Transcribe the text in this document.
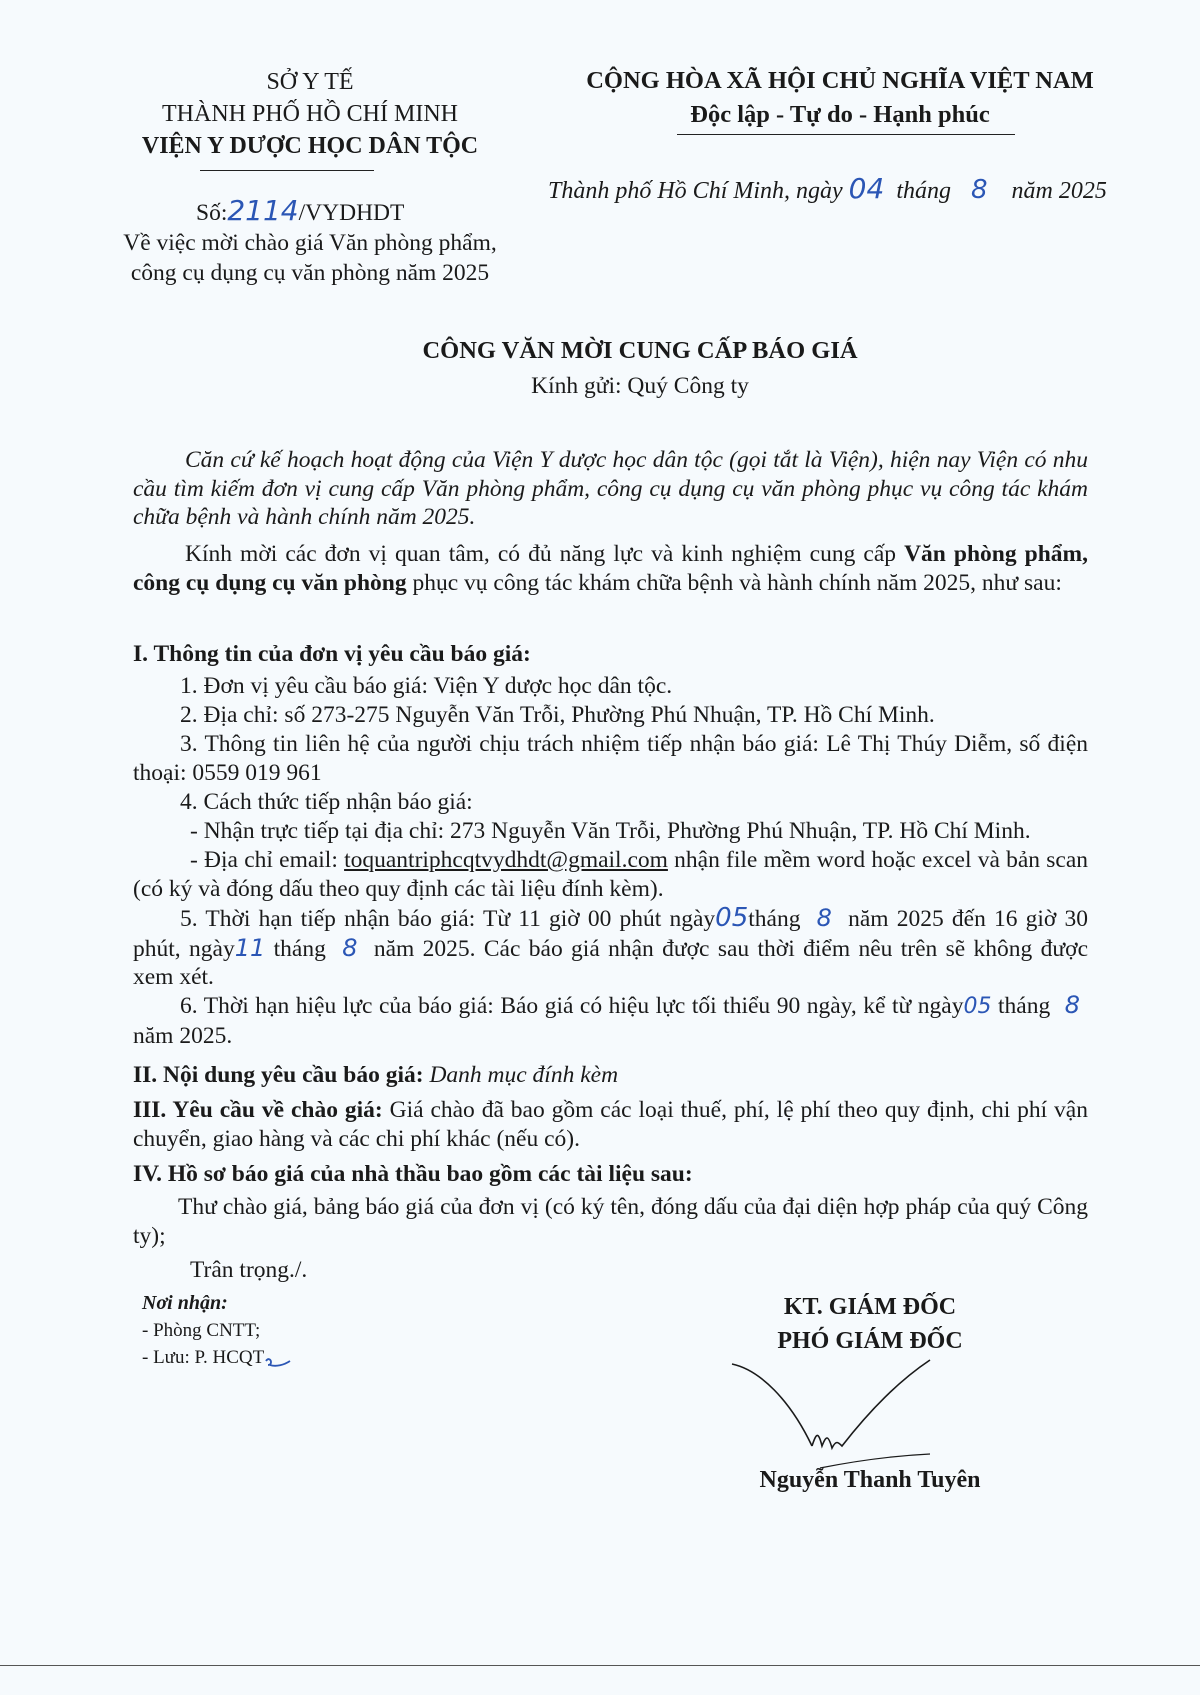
SỞ Y TẾ
THÀNH PHỐ HỒ CHÍ MINH
VIỆN Y DƯỢC HỌC DÂN TỘC
Số:2114/VYDHDT
Về việc mời chào giá Văn phòng phẩm,
công cụ dụng cụ văn phòng năm 2025
CỘNG HÒA XÃ HỘI CHỦ NGHĨA VIỆT NAM
Độc lập - Tự do - Hạnh phúc
Thành phố Hồ Chí Minh, ngày 04 tháng 8 năm 2025
CÔNG VĂN MỜI CUNG CẤP BÁO GIÁ
Kính gửi: Quý Công ty

Căn cứ kế hoạch hoạt động của Viện Y dược học dân tộc (gọi tắt là Viện), hiện nay Viện có nhu cầu tìm kiếm đơn vị cung cấp Văn phòng phẩm, công cụ dụng cụ văn phòng phục vụ công tác khám chữa bệnh và hành chính năm 2025.

Kính mời các đơn vị quan tâm, có đủ năng lực và kinh nghiệm cung cấp Văn phòng phẩm, công cụ dụng cụ văn phòng phục vụ công tác khám chữa bệnh và hành chính năm 2025, như sau:

I. Thông tin của đơn vị yêu cầu báo giá:
1. Đơn vị yêu cầu báo giá: Viện Y dược học dân tộc.
2. Địa chỉ: số 273-275 Nguyễn Văn Trỗi, Phường Phú Nhuận, TP. Hồ Chí Minh.

3. Thông tin liên hệ của người chịu trách nhiệm tiếp nhận báo giá: Lê Thị Thúy Diễm, số điện thoại: 0559 019 961

4. Cách thức tiếp nhận báo giá:
- Nhận trực tiếp tại địa chỉ: 273 Nguyễn Văn Trỗi, Phường Phú Nhuận, TP. Hồ Chí Minh.

- Địa chỉ email: toquantriphcqtvydhdt@gmail.com nhận file mềm word hoặc excel và bản scan (có ký và đóng dấu theo quy định các tài liệu đính kèm).

5. Thời hạn tiếp nhận báo giá: Từ 11 giờ 00 phút ngày05tháng 8 năm 2025 đến 16 giờ 30 phút, ngày11 tháng 8 năm 2025. Các báo giá nhận được sau thời điểm nêu trên sẽ không được xem xét.

6. Thời hạn hiệu lực của báo giá: Báo giá có hiệu lực tối thiểu 90 ngày, kể từ ngày05 tháng 8 năm 2025.

II. Nội dung yêu cầu báo giá: Danh mục đính kèm

III. Yêu cầu về chào giá: Giá chào đã bao gồm các loại thuế, phí, lệ phí theo quy định, chi phí vận chuyển, giao hàng và các chi phí khác (nếu có).

IV. Hồ sơ báo giá của nhà thầu bao gồm các tài liệu sau:

Thư chào giá, bảng báo giá của đơn vị (có ký tên, đóng dấu của đại diện hợp pháp của quý Công ty);

Trân trọng./.
Nơi nhận:
- Phòng CNTT;
- Lưu: P. HCQT
KT. GIÁM ĐỐC
PHÓ GIÁM ĐỐC
Nguyễn Thanh Tuyên
